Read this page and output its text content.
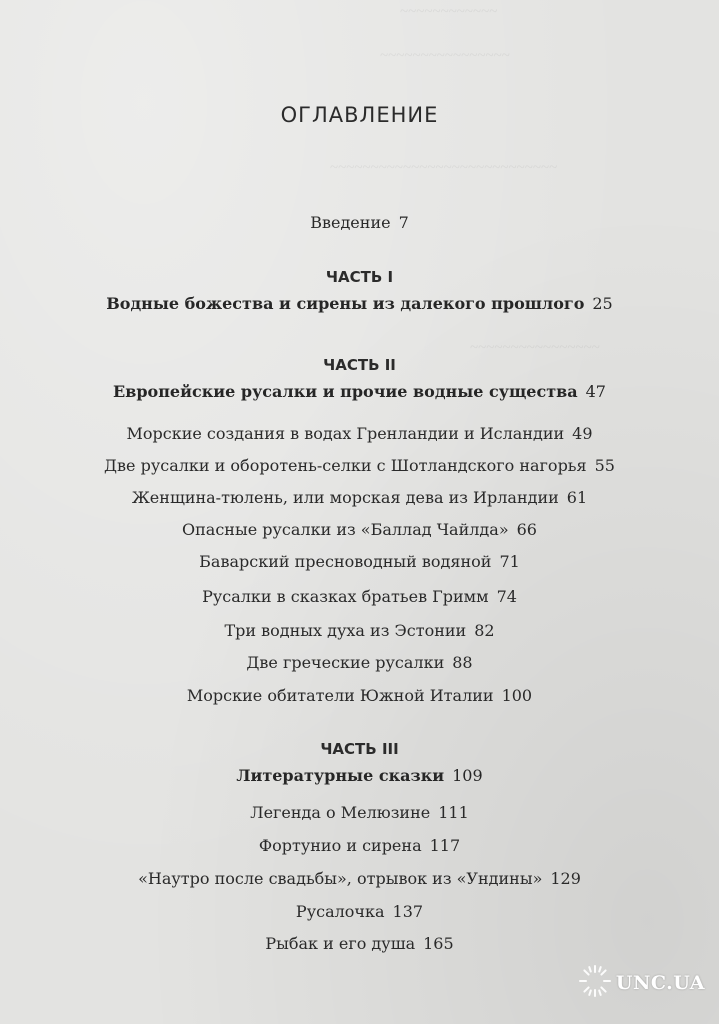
~~~~~~~~~~~~
~~~~~~~~~~~~~~~~
~~~~~~~~~~~~~~~~~~~~~~~~~~~~
~~~~~~~~~~~~~~~~
ОГЛАВЛЕНИЕ
Введение 7
ЧАСТЬ I
Водные божества и сирены из далекого прошлого 25
ЧАСТЬ II
Европейские русалки и прочие водные существа 47
Морские создания в водах Гренландии и Исландии 49
Две русалки и оборотень-селки с Шотландского нагорья 55
Женщина-тюлень, или морская дева из Ирландии 61
Опасные русалки из «Баллад Чайлда» 66
Баварский пресноводный водяной 71
Русалки в сказках братьев Гримм 74
Три водных духа из Эстонии 82
Две греческие русалки 88
Морские обитатели Южной Италии 100
ЧАСТЬ III
Литературные сказки 109
Легенда о Мелюзине 111
Фортунио и сирена 117
«Наутро после свадьбы», отрывок из «Ундины» 129
Русалочка 137
Рыбак и его душа 165
UNC.UA
